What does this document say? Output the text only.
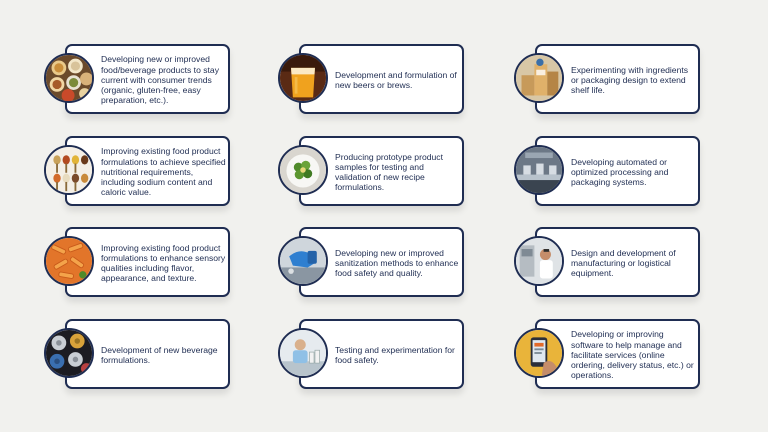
Developing new or improved food/beverage products to stay current with consumer trends (organic, gluten-free, easy preparation, etc.).
Development and formulation of new beers or brews.
Experimenting with ingredients or packaging design to extend shelf life.
Improving existing food product formulations to achieve specified nutritional requirements, including sodium content and caloric value.
Producing prototype product samples for testing and validation of new recipe formulations.
Developing automated or optimized processing and packaging systems.
Improving existing food product formulations to enhance sensory qualities including flavor, appearance, and texture.
Developing new or improved sanitization methods to enhance food safety and quality.
Design and development of manufacturing or logistical equipment.
Development of new beverage formulations.
Testing and experimentation for food safety.
Developing or improving software to help manage and facilitate services (online ordering, delivery status, etc.) or operations.
